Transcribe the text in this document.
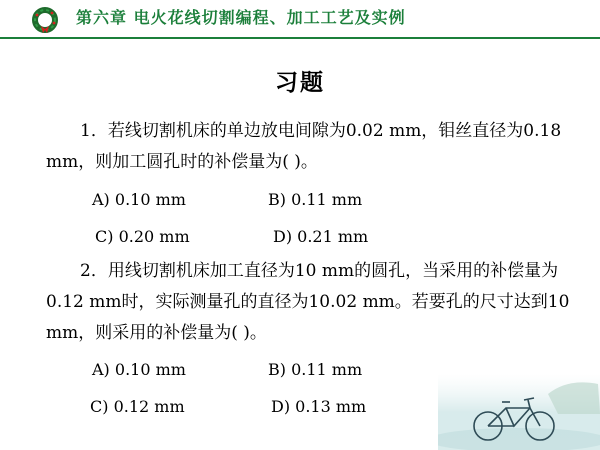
第六章 电火花线切割编程、加工工艺及实例
习题
1．若线切割机床的单边放电间隙为0.02 mm，钼丝直径为0.18 mm，则加工圆孔时的补偿量为( )。
A) 0.10 mm	B) 0.11 mm
C) 0.20 mm	D) 0.21 mm
2．用线切割机床加工直径为10 mm的圆孔，当采用的补偿量为0.12 mm时，实际测量孔的直径为10.02 mm。若要孔的尺寸达到10 mm，则采用的补偿量为( )。
A) 0.10 mm	B) 0.11 mm
C) 0.12 mm	D) 0.13 mm
